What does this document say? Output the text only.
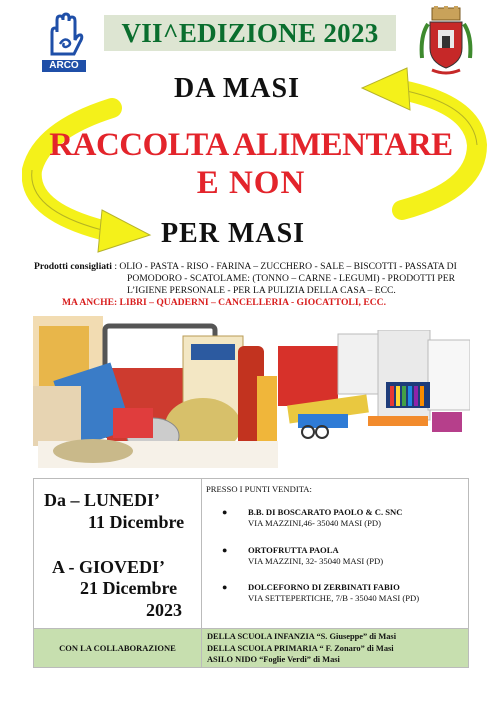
ARCO
VII^EDIZIONE 2023
DA MASI
RACCOLTA ALIMENTARE
E NON
PER MASI
Prodotti consigliati : OLIO - PASTA - RISO - FARINA – ZUCCHERO - SALE – BISCOTTI - PASSATA DI
POMODORO - SCATOLAME: (TONNO – CARNE - LEGUMI) - PRODOTTI PER
L’IGIENE PERSONALE - PER LA PULIZIA DELLA CASA – ECC.
MA ANCHE: LIBRI – QUADERNI – CANCELLERIA - GIOCATTOLI, ECC.
Da – LUNEDI’
11 Dicembre
A - GIOVEDI’
21 Dicembre
2023
PRESSO I PUNTI VENDITA:
● B.B. DI BOSCARATO PAOLO & C. SNC
VIA MAZZINI,46- 35040 MASI (PD)
● ORTOFRUTTA PAOLA
VIA MAZZINI, 32- 35040 MASI (PD)
● DOLCEFORNO DI ZERBINATI FABIO
VIA SETTEPERTICHE, 7/B - 35040 MASI (PD)
CON LA COLLABORAZIONE
DELLA SCUOLA INFANZIA “S. Giuseppe” di Masi
DELLA SCUOLA PRIMARIA “ F. Zonaro” di Masi
ASILO NIDO “Foglie Verdi” di Masi
